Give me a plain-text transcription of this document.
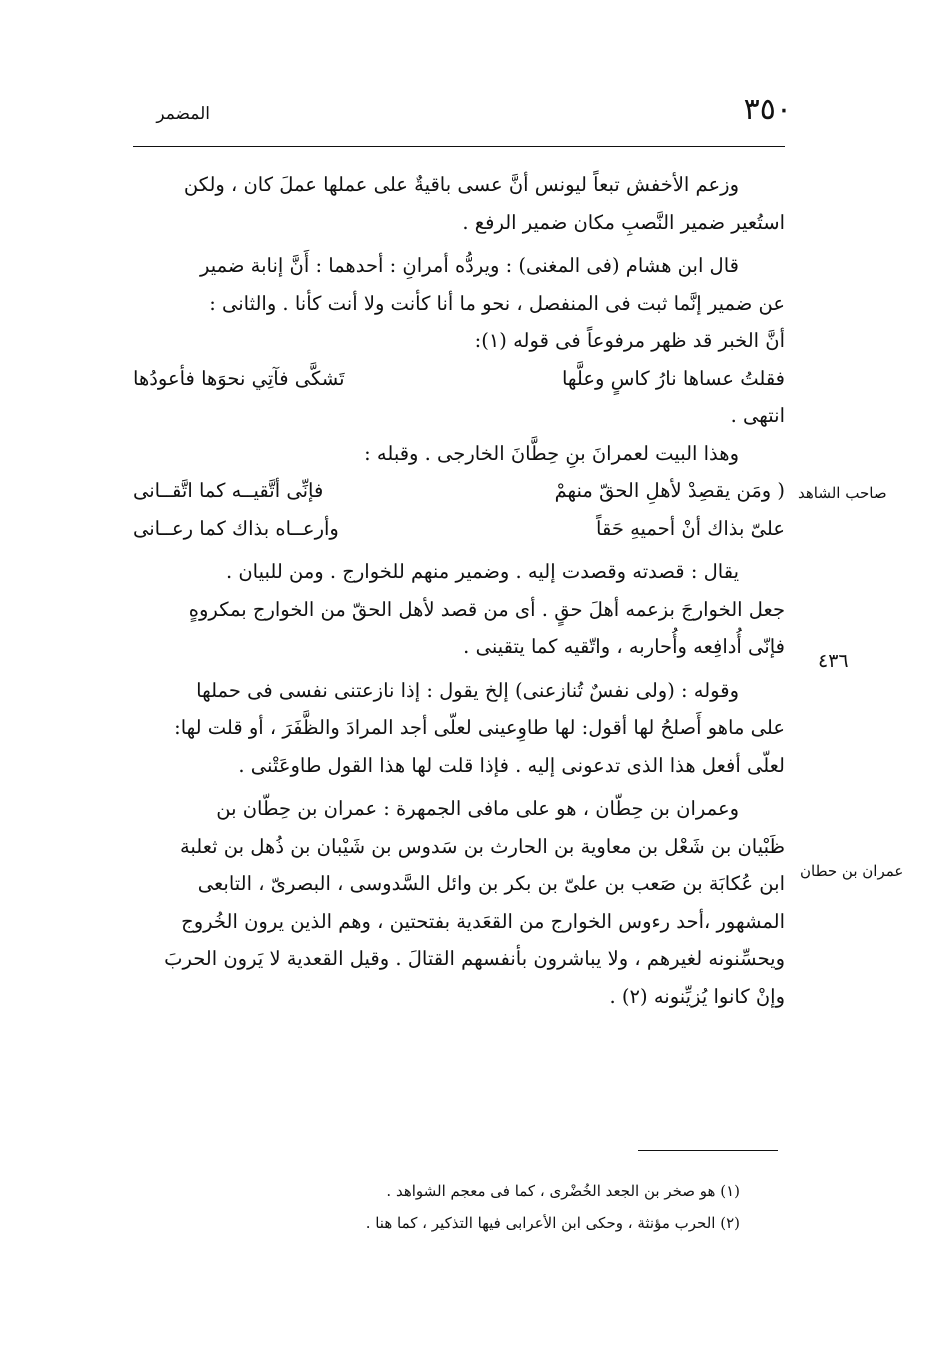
٣٥٠
المضمر
صاحب الشاهد
٤٣٦
عمران بن حطان

وزعم الأخفش تبعاً ليونس أنَّ عسى باقيةٌ على عملها عملَ كان ، ولكن

استُعير ضمير النَّصبِ مكان ضمير الرفع .

قال ابن هشام (فى المغنى) : ويردُّه أمرانِ : أحدهما : أَنَّ إنابة ضمير

عن ضمير إنَّما ثبت فى المنفصل ، نحو ما أنا كأنت ولا أنت كأنا . والثانى :

أنَّ الخبر قد ظهر مرفوعاً فى قوله (١):

فقلتُ عساها نارُ كاسٍ وعلَّها
تَشكَّى فآتِي نحوَها فأعودُها

انتهى .

وهذا البيت لعمرانَ بنِ حِطَّانَ الخارجى . وقبله :

( ومَن يقصِدْ لأهلِ الحقّ منهمْ
فإنِّى أتَّقيــه كما اتَّقــانى
علىّ بذاك أنْ أحميهِ حَقاً
وأرعــاه بذاك كما رعــانى

يقال : قصدته وقصدت إليه . وضمير منهم للخوارج . ومن للبيان .

جعل الخوارجَ بزعمه أهلَ حقٍ . أى من قصد لأهل الحقّ من الخوارج بمكروهٍ

فإنّى أُدافِعه وأُحاربه ، واتّقيه كما يتقينى .

وقوله : (ولى نفسٌ تُنازعنى) إلخ يقول : إذا نازعتنى نفسى فى حملها

على ماهو أَصلحُ لها أقول: لها طاوِعينى لعلّى أجد المرادَ والظَّفَرَ ، أو قلت لها:

لعلّى أفعل هذا الذى تدعونى إليه . فإذا قلت لها هذا القول طاوعَتْنى .

وعمران بن حِطّان ، هو على مافى الجمهرة : عمران بن حِطّان بن

ظَبْيان بن شَعْل بن معاوية بن الحارث بن سَدوس بن شَيْبان بن ذُهل بن ثعلبة

ابن عُكابَة بن صَعب بن علىّ بن بكر بن وائل السَّدوسى ، البصرىّ ، التابعى

المشهور ،أحد رءوس الخوارج من القعَدية بفتحتين ، وهم الذين يرون الخُروج

ويحسِّنونه لغيرهم ، ولا يباشرون بأنفسهم القتالَ . وقيل القعدية لا يَرون الحربَ

وإنْ كانوا يُزيِّنونه (٢) .

(١) هو صخر بن الجعد الخُضْرى ، كما فى معجم الشواهد .
(٢) الحرب مؤنثة ، وحكى ابن الأعرابى فيها التذكير ، كما هنا .
